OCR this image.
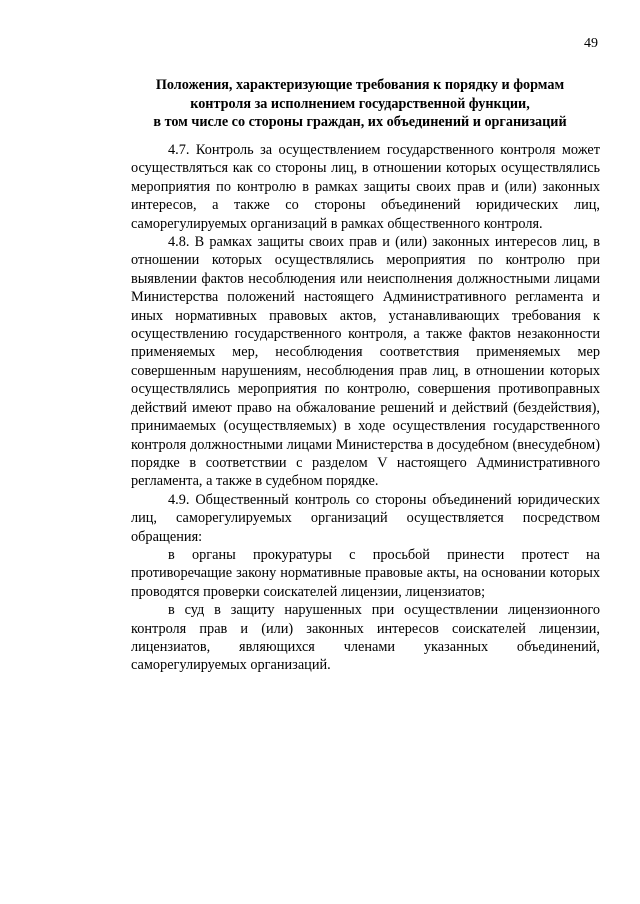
49
Положения, характеризующие требования к порядку и формам
контроля за исполнением государственной функции,
в том числе со стороны граждан, их объединений и организаций

4.7. Контроль за осуществлением государственного контроля может осуществляться как со стороны лиц, в отношении которых осуществлялись мероприятия по контролю в рамках защиты своих прав и (или) законных интересов, а также со стороны объединений юридических лиц, саморегулируемых организаций в рамках общественного контроля.

4.8. В рамках защиты своих прав и (или) законных интересов лиц, в отношении которых осуществлялись мероприятия по контролю при выявлении фактов несоблюдения или неисполнения должностными лицами Министерства положений настоящего Административного регламента и иных нормативных правовых актов, устанавливающих требования к осуществлению государственного контроля, а также фактов незаконности применяемых мер, несоблюдения соответствия применяемых мер совершенным нарушениям, несоблюдения прав лиц, в отношении которых осуществлялись мероприятия по контролю, совершения противоправных действий имеют право на обжалование решений и действий (бездействия), принимаемых (осуществляемых) в ходе осуществления государственного контроля должностными лицами Министерства в досудебном (внесудебном) порядке в соответствии с разделом V настоящего Административного регламента, а также в судебном порядке.

4.9. Общественный контроль со стороны объединений юридических лиц, саморегулируемых организаций осуществляется посредством обращения:

в органы прокуратуры с просьбой принести протест на противоречащие закону нормативные правовые акты, на основании которых проводятся проверки соискателей лицензии, лицензиатов;

в суд в защиту нарушенных при осуществлении лицензионного контроля прав и (или) законных интересов соискателей лицензии, лицензиатов, являющихся членами указанных объединений, саморегулируемых организаций.
